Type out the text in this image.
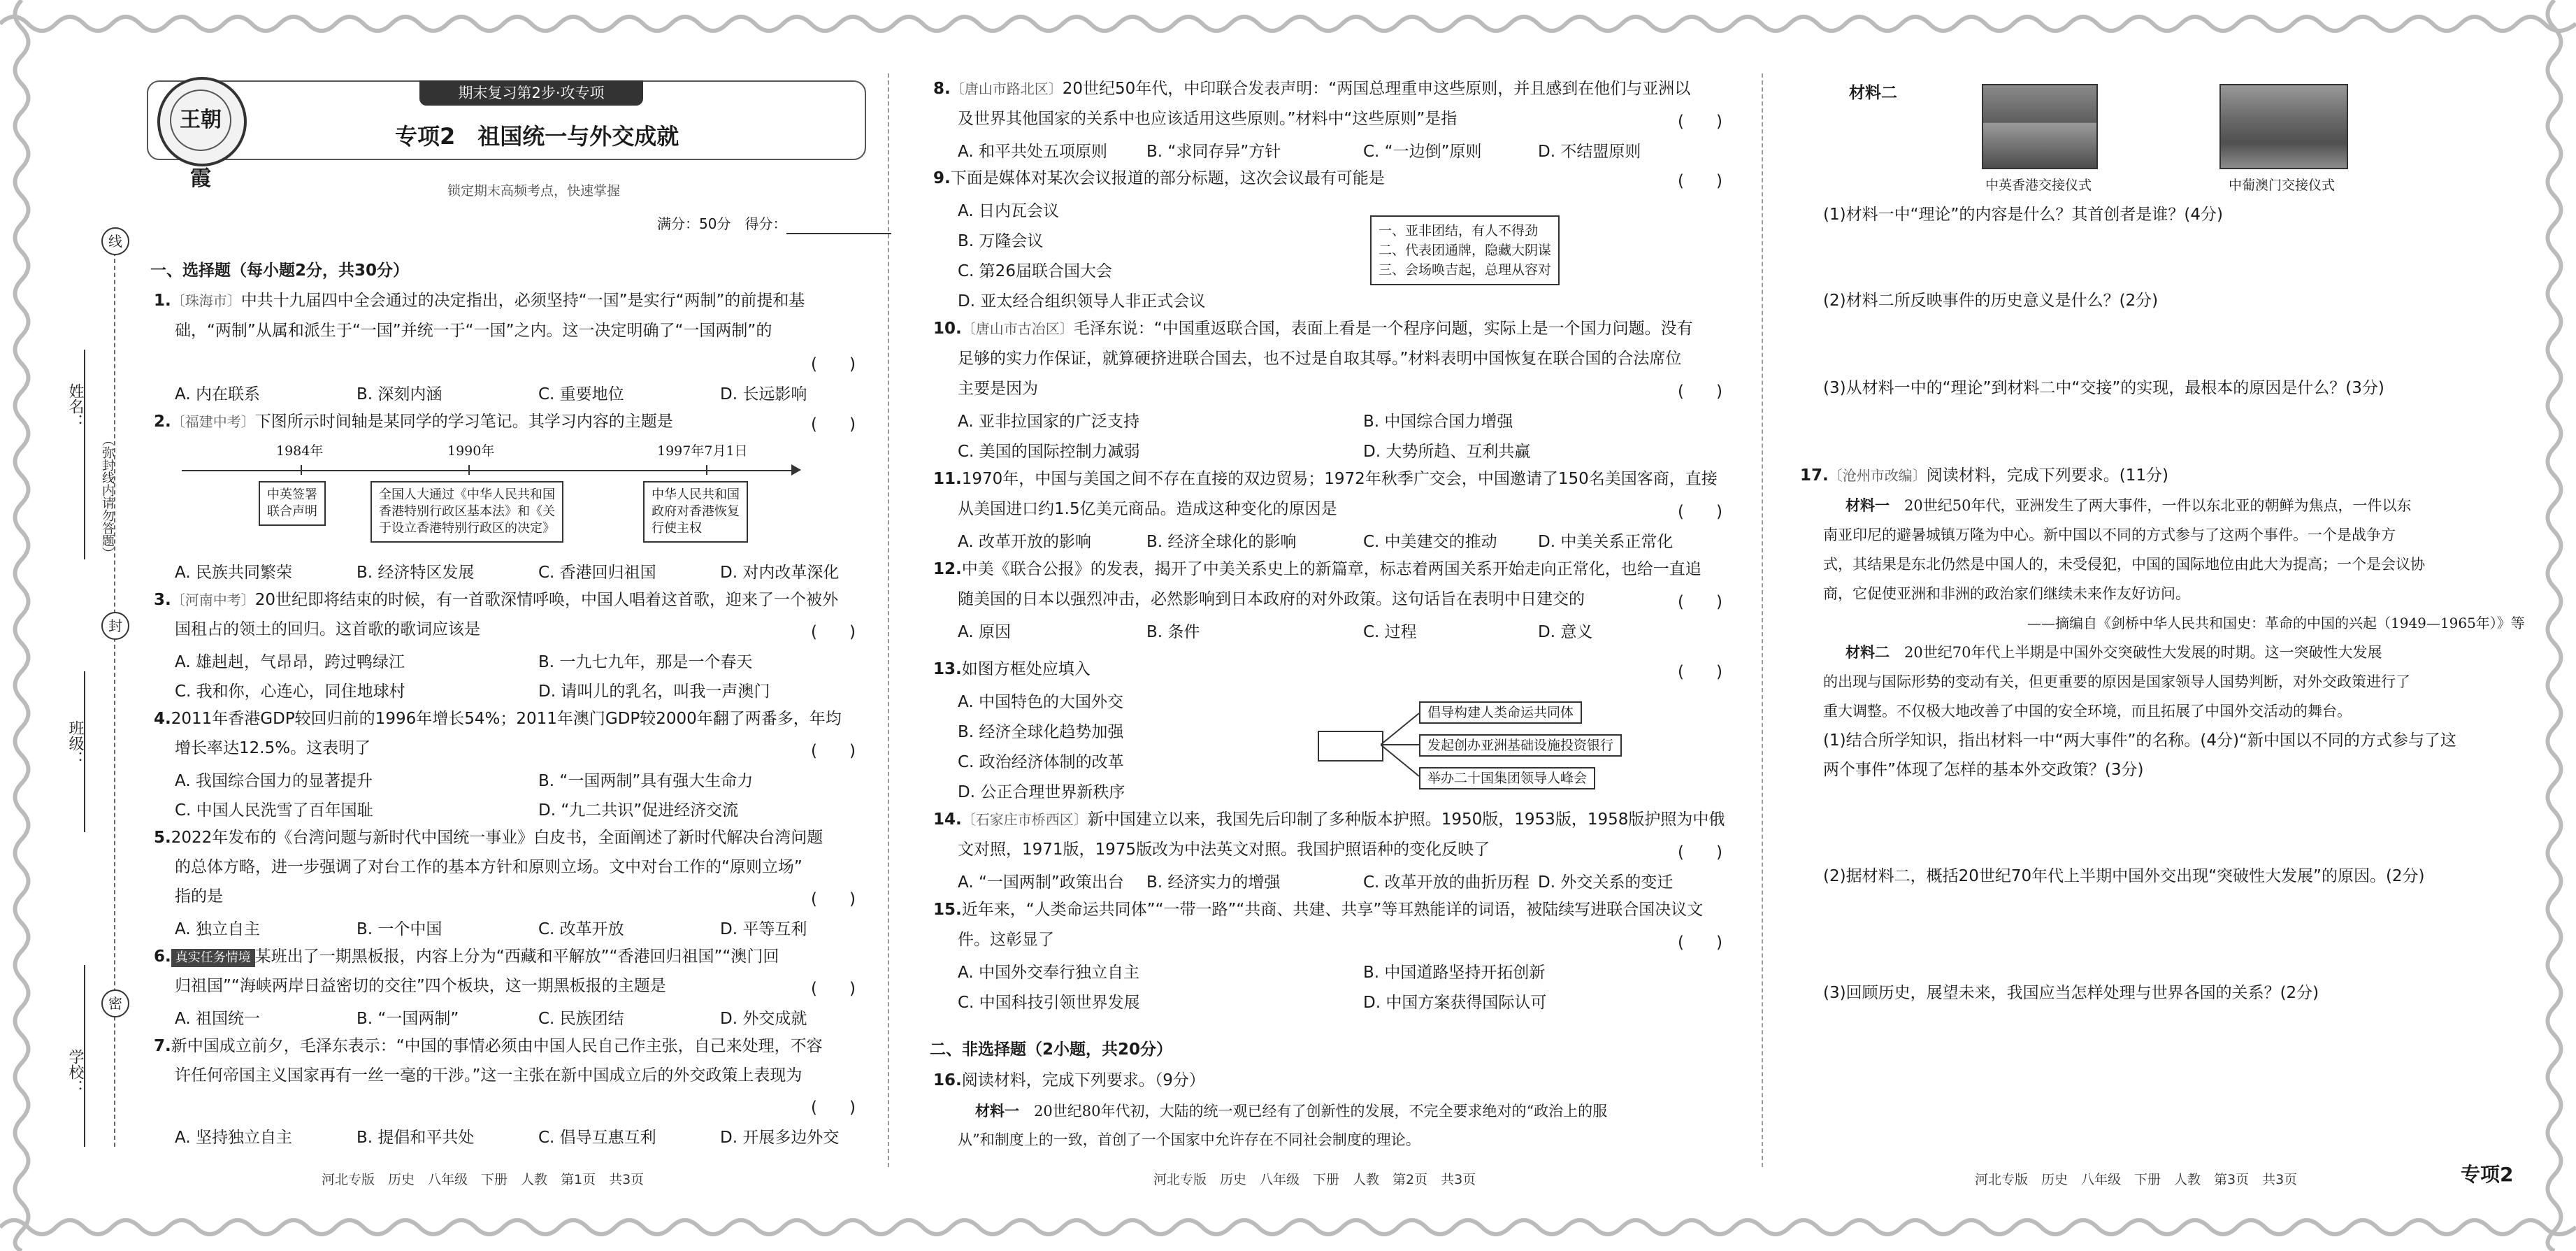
线
封
密
姓名：
班级：
学校：
（弥封线内请勿答题）
期末复习第2步·攻专项
王朝霞
专项2　祖国统一与外交成就
锁定期末高频考点，快速掌握
满分：50分　得分：
一、选择题（每小题2分，共30分）
1.〔珠海市〕中共十九届四中全会通过的决定指出，必须坚持“一国”是实行“两制”的前提和基
础，“两制”从属和派生于“一国”并统一于“一国”之内。这一决定明确了“一国两制”的
(　　)
A. 内在联系	B. 深刻内涵	C. 重要地位	D. 长远影响
2.〔福建中考〕下图所示时间轴是某同学的学习笔记。其学习内容的主题是	(　　)
1984年	1990年	1997年7月1日
中英签署
联合声明
全国人大通过《中华人民共和国
香港特别行政区基本法》和《关
于设立香港特别行政区的决定》
中华人民共和国
政府对香港恢复
行使主权
A. 民族共同繁荣	B. 经济特区发展	C. 香港回归祖国	D. 对内改革深化
3.〔河南中考〕20世纪即将结束的时候，有一首歌深情呼唤，中国人唱着这首歌，迎来了一个被外
国租占的领土的回归。这首歌的歌词应该是	(　　)
A. 雄赳赳，气昂昂，跨过鸭绿江	B. 一九七九年，那是一个春天
C. 我和你，心连心，同住地球村	D. 请叫儿的乳名，叫我一声澳门
4.2011年香港GDP较回归前的1996年增长54%；2011年澳门GDP较2000年翻了两番多，年均
增长率达12.5%。这表明了	(　　)
A. 我国综合国力的显著提升	B. “一国两制”具有强大生命力
C. 中国人民洗雪了百年国耻	D. “九二共识”促进经济交流
5.2022年发布的《台湾问题与新时代中国统一事业》白皮书，全面阐述了新时代解决台湾问题
的总体方略，进一步强调了对台工作的基本方针和原则立场。文中对台工作的“原则立场”
指的是	(　　)
A. 独立自主	B. 一个中国	C. 改革开放	D. 平等互利
6. 真实任务情境 某班出了一期黑板报，内容上分为“西藏和平解放”“香港回归祖国”“澳门回
归祖国”“海峡两岸日益密切的交往”四个板块，这一期黑板报的主题是	(　　)
A. 祖国统一	B. “一国两制”	C. 民族团结	D. 外交成就
7.新中国成立前夕，毛泽东表示：“中国的事情必须由中国人民自己作主张，自己来处理，不容
许任何帝国主义国家再有一丝一毫的干涉。”这一主张在新中国成立后的外交政策上表现为
(　　)
A. 坚持独立自主	B. 提倡和平共处	C. 倡导互惠互利	D. 开展多边外交
河北专版　历史　八年级　下册　人教　第1页　共3页
8.〔唐山市路北区〕20世纪50年代，中印联合发表声明：“两国总理重申这些原则，并且感到在他们与亚洲以
及世界其他国家的关系中也应该适用这些原则。”材料中“这些原则”是指	(　　)
A. 和平共处五项原则 B. “求同存异”方针	C. “一边倒”原则	D. 不结盟原则
9.下面是媒体对某次会议报道的部分标题，这次会议最有可能是	(　　)
A. 日内瓦会议
B. 万隆会议
C. 第26届联合国大会
D. 亚太经合组织领导人非正式会议
一、亚非团结，有人不得劲
二、代表团通牌，隐藏大阴谋
三、会场唤吉起，总理从容对
10.〔唐山市古冶区〕毛泽东说：“中国重返联合国，表面上看是一个程序问题，实际上是一个国力问题。没有
足够的实力作保证，就算硬挤进联合国去，也不过是自取其辱。”材料表明中国恢复在联合国的合法席位
主要是因为	(　　)
A. 亚非拉国家的广泛支持	B. 中国综合国力增强
C. 美国的国际控制力减弱	D. 大势所趋、互利共赢
11.1970年，中国与美国之间不存在直接的双边贸易；1972年秋季广交会，中国邀请了150名美国客商，直接
从美国进口约1.5亿美元商品。造成这种变化的原因是	(　　)
A. 改革开放的影响	B. 经济全球化的影响	C. 中美建交的推动	D. 中美关系正常化
12.中美《联合公报》的发表，揭开了中美关系史上的新篇章，标志着两国关系开始走向正常化，也给一直追
随美国的日本以强烈冲击，必然影响到日本政府的对外政策。这句话旨在表明中日建交的	(　　)
A. 原因	B. 条件	C. 过程	D. 意义
13.如图方框处应填入	(　　)
A. 中国特色的大国外交
B. 经济全球化趋势加强
C. 政治经济体制的改革
D. 公正合理世界新秩序
倡导构建人类命运共同体
发起创办亚洲基础设施投资银行
举办二十国集团领导人峰会
14.〔石家庄市桥西区〕新中国建立以来，我国先后印制了多种版本护照。1950版，1953版，1958版护照为中俄
文对照，1971版，1975版改为中法英文对照。我国护照语种的变化反映了	(　　)
A. “一国两制”政策出台 B. 经济实力的增强	C. 改革开放的曲折历程 D. 外交关系的变迁
15.近年来，“人类命运共同体”“一带一路”“共商、共建、共享”等耳熟能详的词语，被陆续写进联合国决议文
件。这彰显了	(　　)
A. 中国外交奉行独立自主	B. 中国道路坚持开拓创新
C. 中国科技引领世界发展	D. 中国方案获得国际认可
二、非选择题（2小题，共20分）
16.阅读材料，完成下列要求。（9分）
材料一　 20世纪80年代初，大陆的统一观已经有了创新性的发展，不完全要求绝对的“政治上的服
从”和制度上的一致，首创了一个国家中允许存在不同社会制度的理论。
河北专版　历史　八年级　下册　人教　第2页　共3页
材料二
中英香港交接仪式	中葡澳门交接仪式
(1)材料一中“理论”的内容是什么？其首创者是谁？(4分)
(2)材料二所反映事件的历史意义是什么？(2分)
(3)从材料一中的“理论”到材料二中“交接”的实现，最根本的原因是什么？(3分)
17.〔沧州市改编〕阅读材料，完成下列要求。(11分)
材料一　 20世纪50年代，亚洲发生了两大事件，一件以东北亚的朝鲜为焦点，一件以东
南亚印尼的避暑城镇万隆为中心。新中国以不同的方式参与了这两个事件。一个是战争方
式，其结果是东北仍然是中国人的，未受侵犯，中国的国际地位由此大为提高；一个是会议协
商，它促使亚洲和非洲的政治家们继续未来作友好访问。
——摘编自《剑桥中华人民共和国史：革命的中国的兴起（1949—1965年）》等
材料二　 20世纪70年代上半期是中国外交突破性大发展的时期。这一突破性大发展
的出现与国际形势的变动有关，但更重要的原因是国家领导人国势判断，对外交政策进行了
重大调整。不仅极大地改善了中国的安全环境，而且拓展了中国外交活动的舞台。
(1)结合所学知识，指出材料一中“两大事件”的名称。(4分)“新中国以不同的方式参与了这
两个事件”体现了怎样的基本外交政策？(3分)
(2)据材料二，概括20世纪70年代上半期中国外交出现“突破性大发展”的原因。(2分)
(3)回顾历史，展望未来，我国应当怎样处理与世界各国的关系？(2分)
河北专版　历史　八年级　下册　人教　第3页　共3页	专项2
